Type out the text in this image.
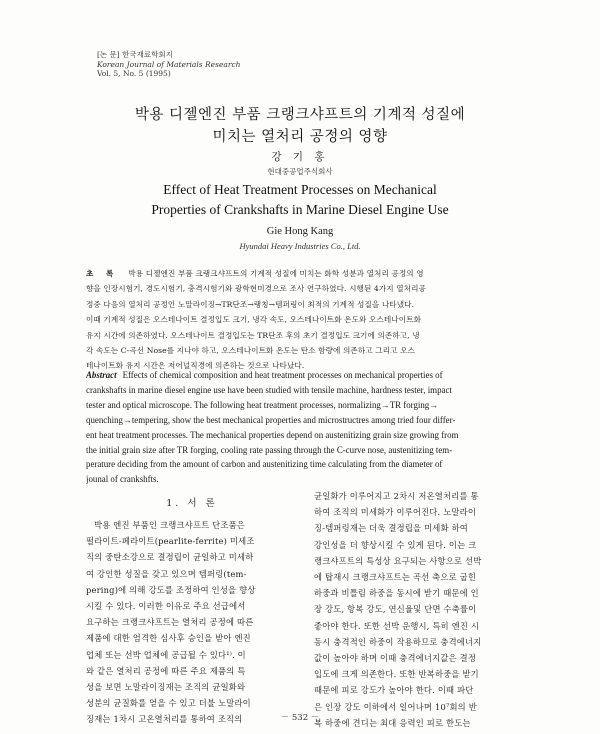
[논 문] 한국재료학회지
Korean Journal of Materials Research
Vol. 5, No. 5 (1995)
박용 디젤엔진 부품 크랭크샤프트의 기계적 성질에
미치는 열처리 공정의 영향
강 기 홍
현대중공업주식회사
Effect of Heat Treatment Processes on Mechanical
Properties of Crankshafts in Marine Diesel Engine Use
Gie Hong Kang
Hyundai Heavy Industries Co., Ltd.
초 록 박용 디젤엔진 부품 크랭크샤프트의 기계적 성질에 미치는 화학 성분과 열처리 공정의 영
향을 인장시험기, 경도시험기, 충격시험기와 광학현미경으로 조사 연구하였다. 시행된 4가지 열처리공
정중 다음의 열처리 공정인 노말라이징→TR단조→랭칭→템퍼링이 최적의 기계적 성질을 나타냈다.
이때 기계적 성질은 오스테나이트 결정입도 크기, 냉각 속도, 오스테나이트화 온도와 오스테나이트화
유지 시간에 의존하였다. 오스테나이트 결정입도는 TR단조 후의 초기 결정입도 크기에 의존하고, 냉
각 속도는 C-곡선 Nose를 지나야 하고, 오스테나이트화 온도는 탄소 함량에 의존하고 그리고 오스
테나이트화 유지 시간은 저어널직경에 의존하는 것으로 나타났다.
Abstract Effects of chemical composition and heat treatment processes on mechanical properties of
crankshafts in marine diesel engine use have been studied with tensile machine, hardness tester, impact
tester and optical microscope. The following heat treatment processes, normalizing→TR forging→
quenching→tempering, show the best mechanical properties and microstructres among tried four differ-
ent heat treatment processes. The mechanical properties depend on austenitizing grain size growing from
the initial grain size after TR forging, cooling rate passing through the C-curve nose, austenitizing tem-
perature deciding from the amount of carbon and austenitizing time calculating from the diameter of
jounal of crankshfts.
1. 서 론
박용 엔진 부품인 크랭크샤프트 단조품은
펄라이트-페라이트(pearlite-ferrite) 미세조
직의 중탄소강으로 결정립이 균일하고 미세하
여 강인한 성질을 갖고 있으며 템퍼링(tem-
pering)에 의해 강도를 조정하여 인성을 향상
시킬 수 있다. 이러한 이유로 주요 선급에서
요구하는 크랭크샤프트는 열처리 공정에 따른
제품에 대한 엄격한 심사후 승인을 받아 엔진
업체 또는 선박 업체에 공급될 수 있다¹⁾. 이
와 같은 열처리 공정에 따른 주요 제품의 특
성을 보면 노말라이징재는 조직의 균일화와
성분의 균질화를 얻을 수 있고 더불 노말라이
징재는 1차시 고온열처리를 통하여 조직의
균일화가 이루어지고 2차시 저온열처리를 통
하여 조직의 미세화가 이루어진다. 노말라이
징-템퍼링재는 더욱 결정립을 미세화 하여
강인성을 더 향상시킬 수 있게 된다. 이는 크
랭크샤프트의 특성상 요구되는 사항으로 선박
에 탑재시 크랭크샤프트는 곡선 축으로 굽힌
하중과 비틀림 하중을 동시에 받기 때문에 인
장 강도, 항복 강도, 연신율및 단면 수축률이
좋아야 한다. 또한 선박 운행시, 특히 엔진 시
동시 충격적인 하중이 작용하므로 충격에너지
값이 높아야 하며 이때 충격에너지값은 결정
입도에 크게 의존한다. 또한 반복하중을 받기
때문에 피로 강도가 높아야 한다. 이때 파단
은 인장 강도 이하에서 일어나며 10⁷회의 반
복 하중에 견디는 최대 응력인 피로 한도는
－ 532 －
